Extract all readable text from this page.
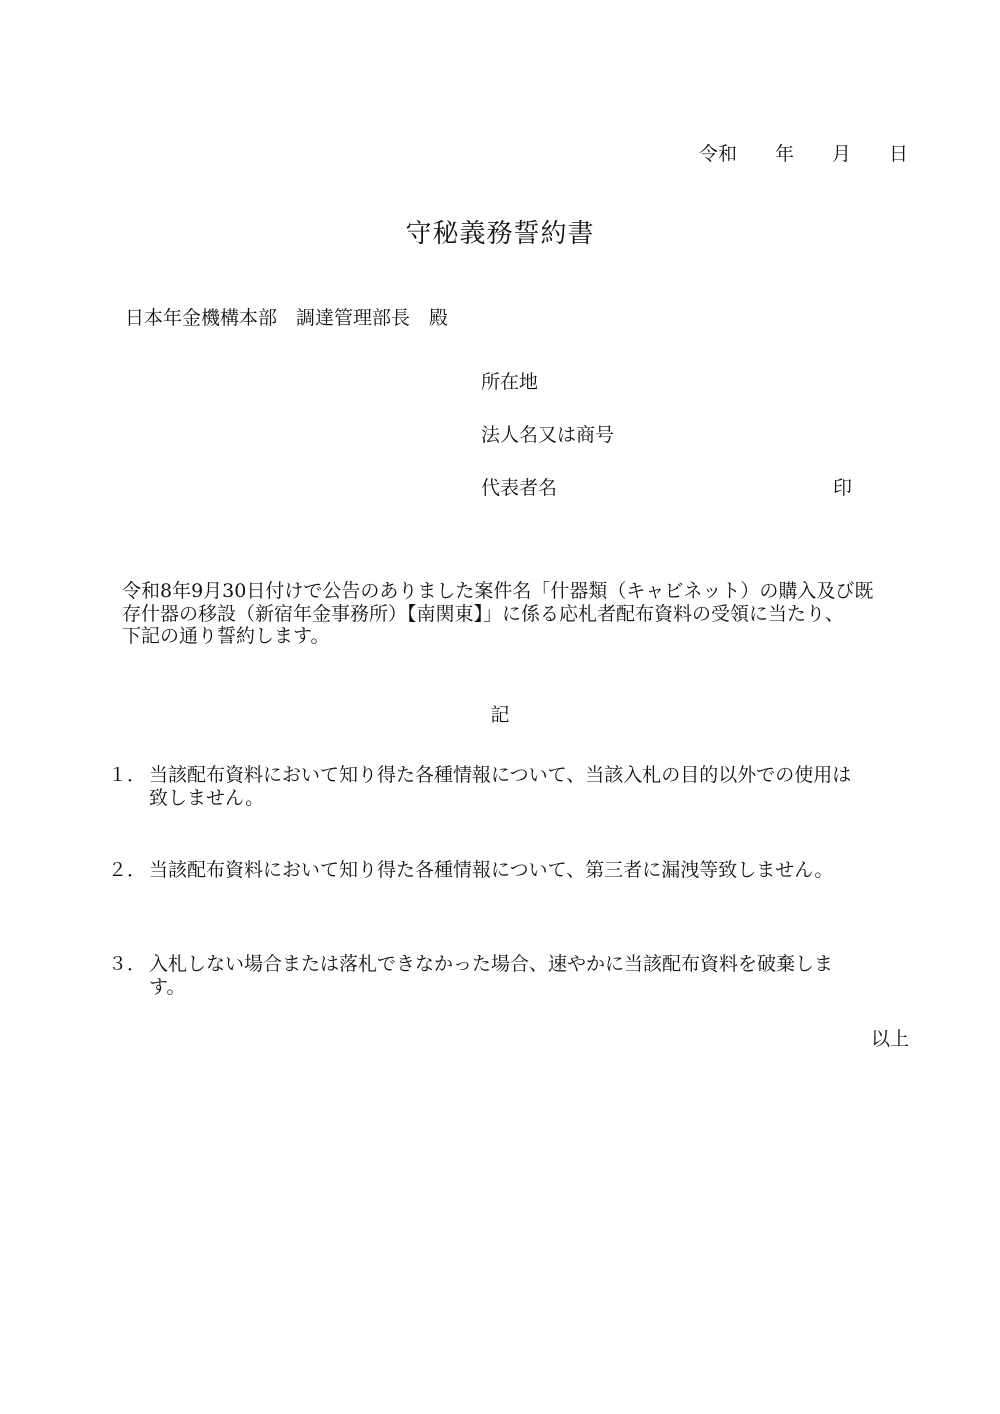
令和　　年　　月　　日
守秘義務誓約書
日本年金機構本部　調達管理部長　殿
所在地
法人名又は商号
代表者名	印
令和8年9月30日付けで公告のありました案件名「什器類（キャビネット）の購入及び既
存什器の移設（新宿年金事務所）【南関東】」に係る応札者配布資料の受領に当たり、
下記の通り誓約します。
記
１． 当該配布資料において知り得た各種情報について、当該入札の目的以外での使用は
致しません。
２． 当該配布資料において知り得た各種情報について、第三者に漏洩等致しません。
３． 入札しない場合または落札できなかった場合、速やかに当該配布資料を破棄しま
す。
以上
